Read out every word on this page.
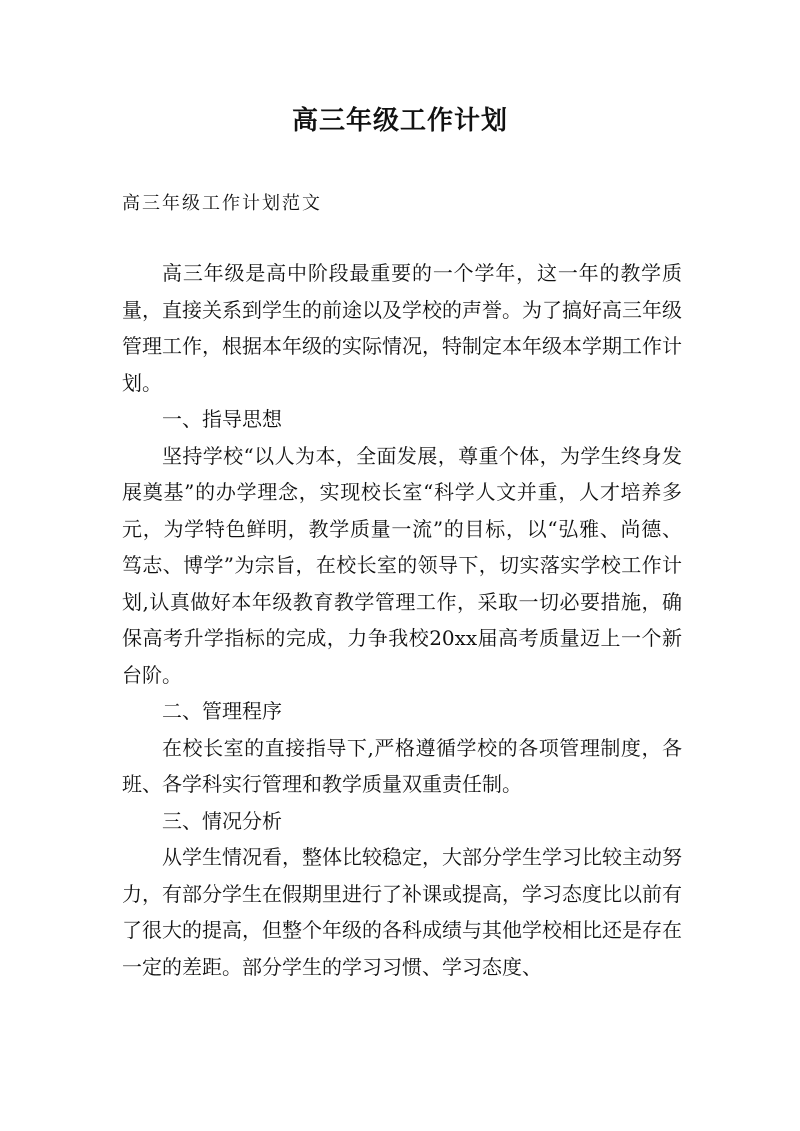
高三年级工作计划
高三年级工作计划范文

高三年级是高中阶段最重要的一个学年，这一年的教学质量，直接关系到学生的前途以及学校的声誉。为了搞好高三年级管理工作，根据本年级的实际情况，特制定本年级本学期工作计划。

一、指导思想

坚持学校“以人为本，全面发展，尊重个体，为学生终身发展奠基”的办学理念，实现校长室“科学人文并重，人才培养多元，为学特色鲜明，教学质量一流”的目标，以“弘雅、尚德、笃志、博学”为宗旨，在校长室的领导下，切实落实学校工作计划,认真做好本年级教育教学管理工作，采取一切必要措施，确保高考升学指标的完成，力争我校20xx届高考质量迈上一个新台阶。

二、管理程序

在校长室的直接指导下,严格遵循学校的各项管理制度，各班、各学科实行管理和教学质量双重责任制。

三、情况分析

从学生情况看，整体比较稳定，大部分学生学习比较主动努力，有部分学生在假期里进行了补课或提高，学习态度比以前有了很大的提高，但整个年级的各科成绩与其他学校相比还是存在一定的差距。部分学生的学习习惯、学习态度、
